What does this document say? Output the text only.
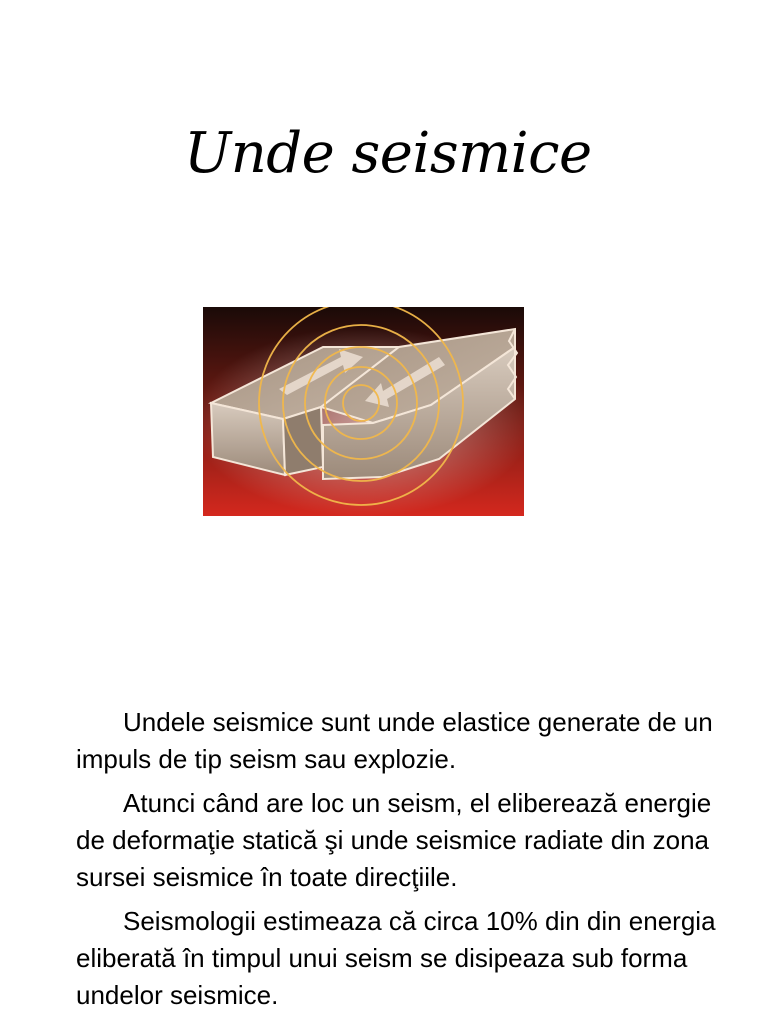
Unde seismice

Undele seismice sunt unde elastice generate de un impuls de tip seism sau explozie.

Atunci când are loc un seism, el eliberează energie de deformaţie statică şi unde seismice radiate din zona sursei seismice în toate direcţiile.

Seismologii estimeaza că circa 10% din din energia eliberată în timpul unui seism se disipeaza sub forma undelor seismice.
